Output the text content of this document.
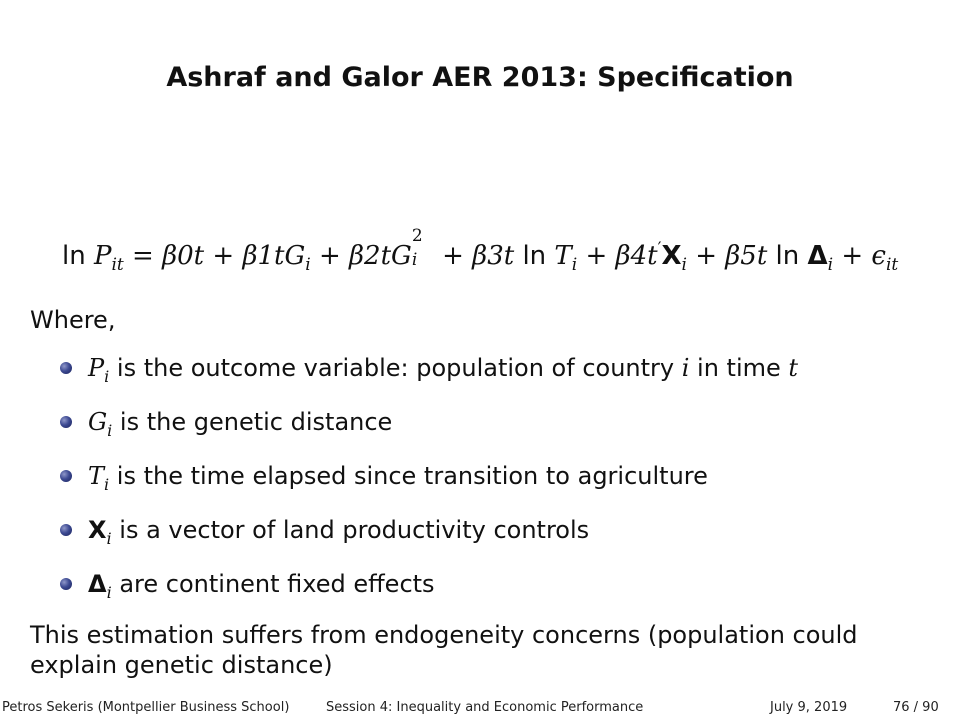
Ashraf and Galor AER 2013: Specification
$\ln P_{it} = \beta 0t + \beta 1tG_i + \beta 2tG$
2
i + β3t $\ln T_i + \beta 4t'X_i + \beta 5t$ $\ln \Delta_i + \epsilon_{it}$
Where,
$P_i$ is the outcome variable: population of country i in time t
$G_i$ is the genetic distance
$T_i$ is the time elapsed since transition to agriculture
$X_i$ is a vector of land productivity controls
$\Delta_i$ are continent fixed effects
This estimation suffers from endogeneity concerns (population could explain genetic distance)
Petros Sekeris (Montpellier Business School)	Session 4: Inequality and Economic Performance	July 9, 2019	76 / 90
